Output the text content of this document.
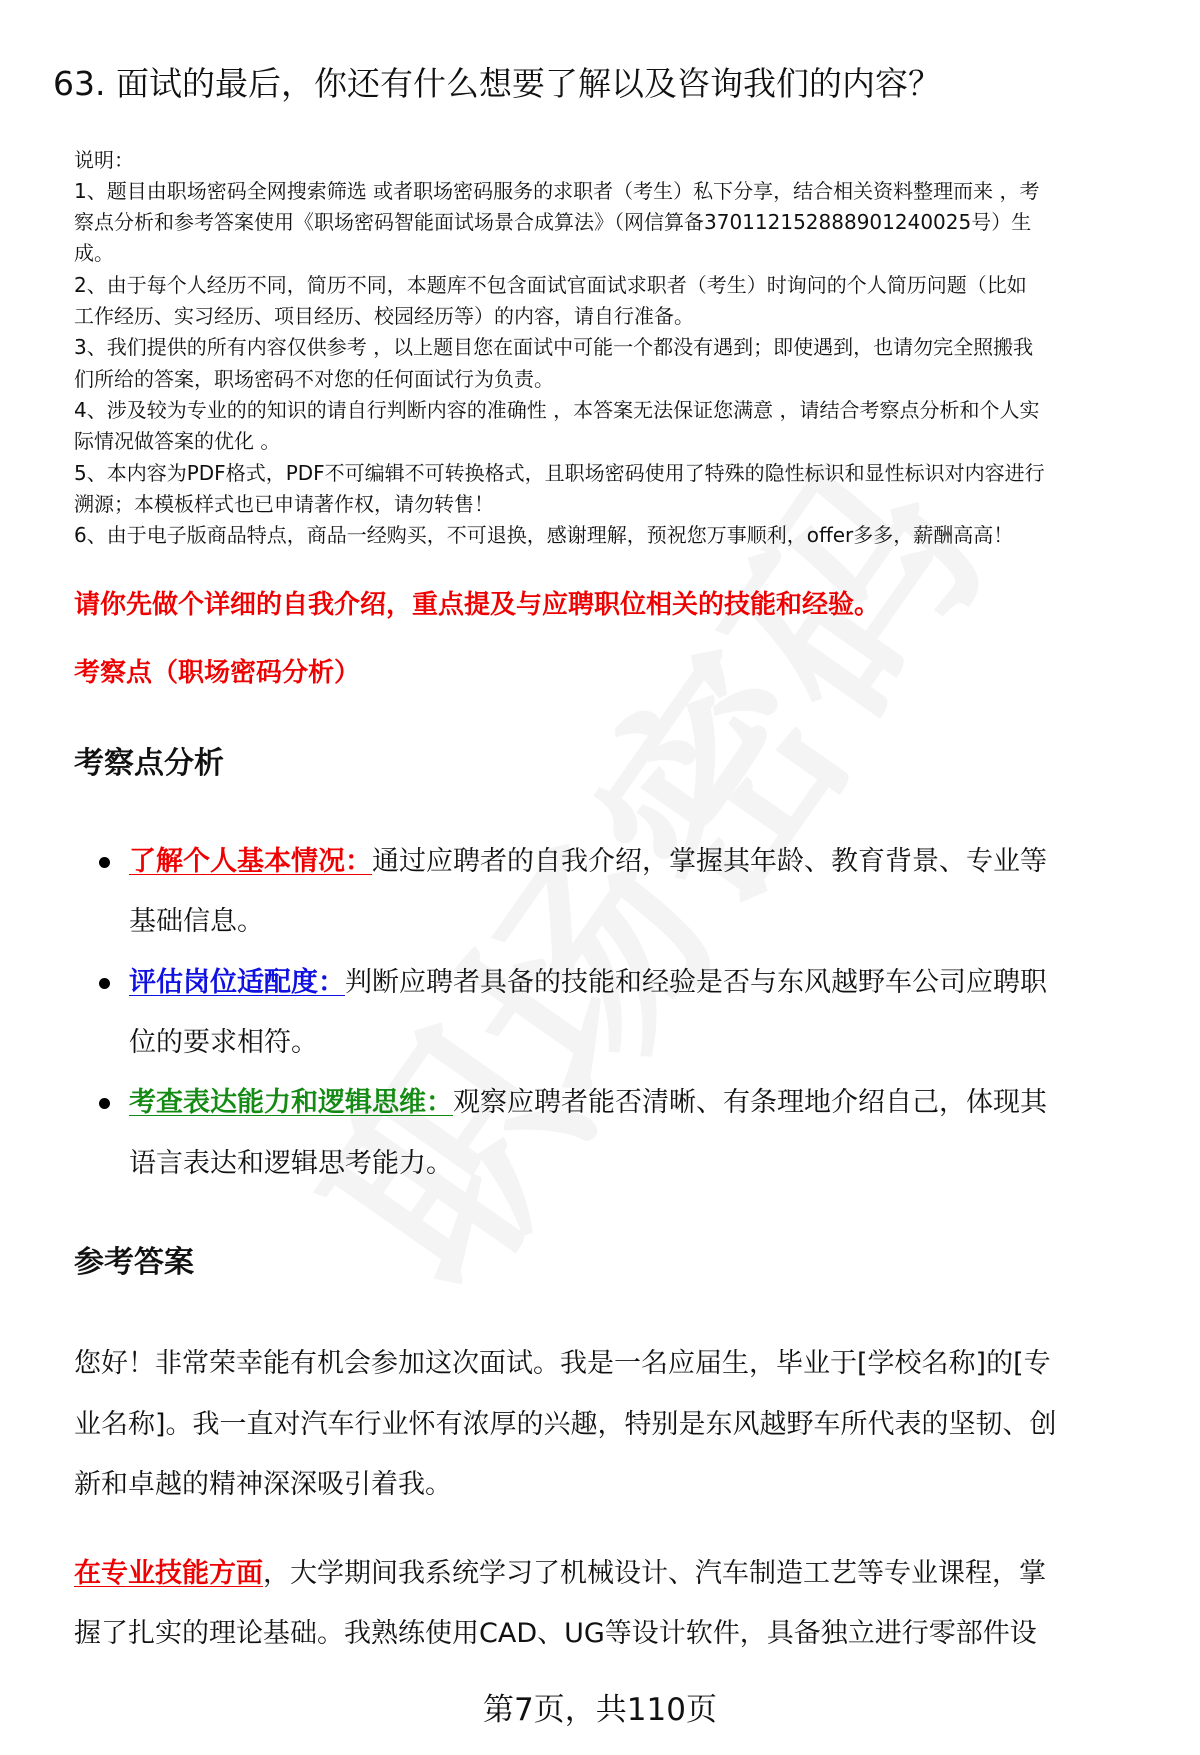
63. 面试的最后，你还有什么想要了解以及咨询我们的内容？
说明：
1、题目由职场密码全网搜索筛选 或者职场密码服务的求职者（考生）私下分享，结合相关资料整理而来 ，考
察点分析和参考答案使用《职场密码智能面试场景合成算法》（网信算备370112152888901240025号）生
成。
2、由于每个人经历不同，简历不同，本题库不包含面试官面试求职者（考生）时询问的个人简历问题（比如
工作经历、实习经历、项目经历、校园经历等）的内容，请自行准备。
3、我们提供的所有内容仅供参考 ，以上题目您在面试中可能一个都没有遇到；即使遇到，也请勿完全照搬我
们所给的答案，职场密码不对您的任何面试行为负责。
4、涉及较为专业的的知识的请自行判断内容的准确性 ，本答案无法保证您满意 ，请结合考察点分析和个人实
际情况做答案的优化 。
5、本内容为PDF格式，PDF不可编辑不可转换格式，且职场密码使用了特殊的隐性标识和显性标识对内容进行
溯源；本模板样式也已申请著作权，请勿转售！
6、由于电子版商品特点，商品一经购买，不可退换，感谢理解，预祝您万事顺利，offer多多，薪酬高高！
请你先做个详细的自我介绍，重点提及与应聘职位相关的技能和经验。
考察点（职场密码分析）
考察点分析
了解个人基本情况：通过应聘者的自我介绍，掌握其年龄、教育背景、专业等
基础信息。
评估岗位适配度：判断应聘者具备的技能和经验是否与东风越野车公司应聘职
位的要求相符。
考查表达能力和逻辑思维：观察应聘者能否清晰、有条理地介绍自己，体现其
语言表达和逻辑思考能力。
参考答案
您好！非常荣幸能有机会参加这次面试。我是一名应届生，毕业于[学校名称]的[专
业名称]。我一直对汽车行业怀有浓厚的兴趣，特别是东风越野车所代表的坚韧、创
新和卓越的精神深深吸引着我。
在专业技能方面，大学期间我系统学习了机械设计、汽车制造工艺等专业课程，掌
握了扎实的理论基础。我熟练使用CAD、UG等设计软件，具备独立进行零部件设
第7页，共110页
